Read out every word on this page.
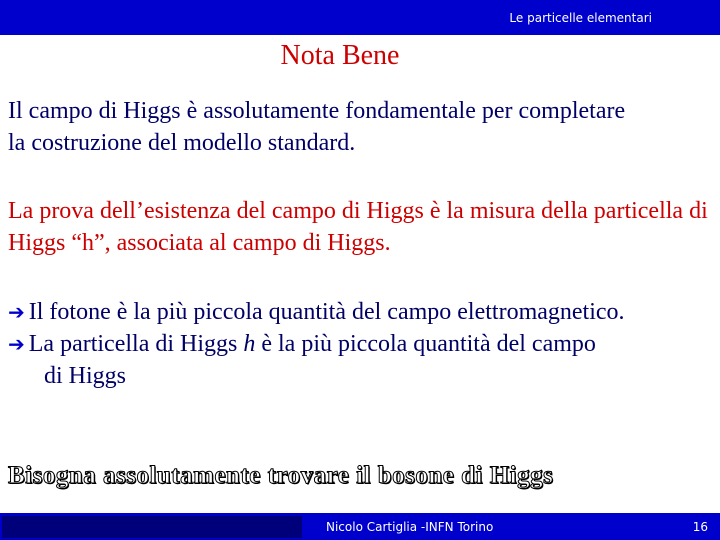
Le particelle elementari
Nota Bene

Il campo di Higgs è assolutamente fondamentale per completare la costruzione del modello standard.

La prova dell’esistenza del campo di Higgs è la misura della particella di Higgs “h”, associata al campo di Higgs.

➔ Il fotone è la più piccola quantità del campo elettromagnetico.

➔ La particella di Higgs h è la più piccola quantità del campo
di Higgs

Bisogna assolutamente trovare il bosone di Higgs
Nicolo Cartiglia -INFN Torino	16
